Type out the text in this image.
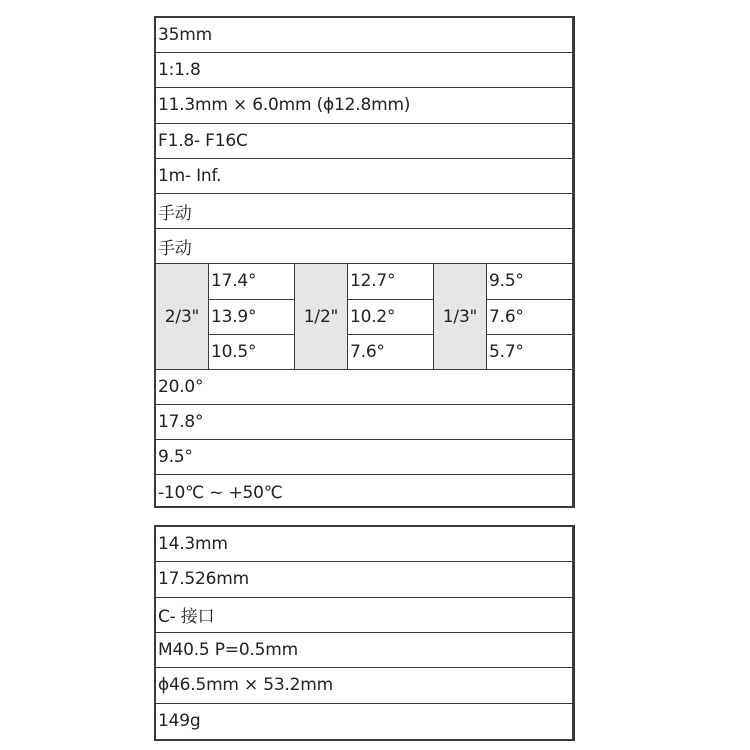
35mm
1:1.8
11.3mm × 6.0mm (ϕ12.8mm)
F1.8- F16C
1m- Inf.
手动
手动
2/3"
17.4°
13.9°
10.5°
1/2"
12.7°
10.2°
7.6°
1/3"
9.5°
7.6°
5.7°
20.0°
17.8°
9.5°
-10℃ ~ +50℃
14.3mm
17.526mm
C- 接口
M40.5 P=0.5mm
ϕ46.5mm × 53.2mm
149g
